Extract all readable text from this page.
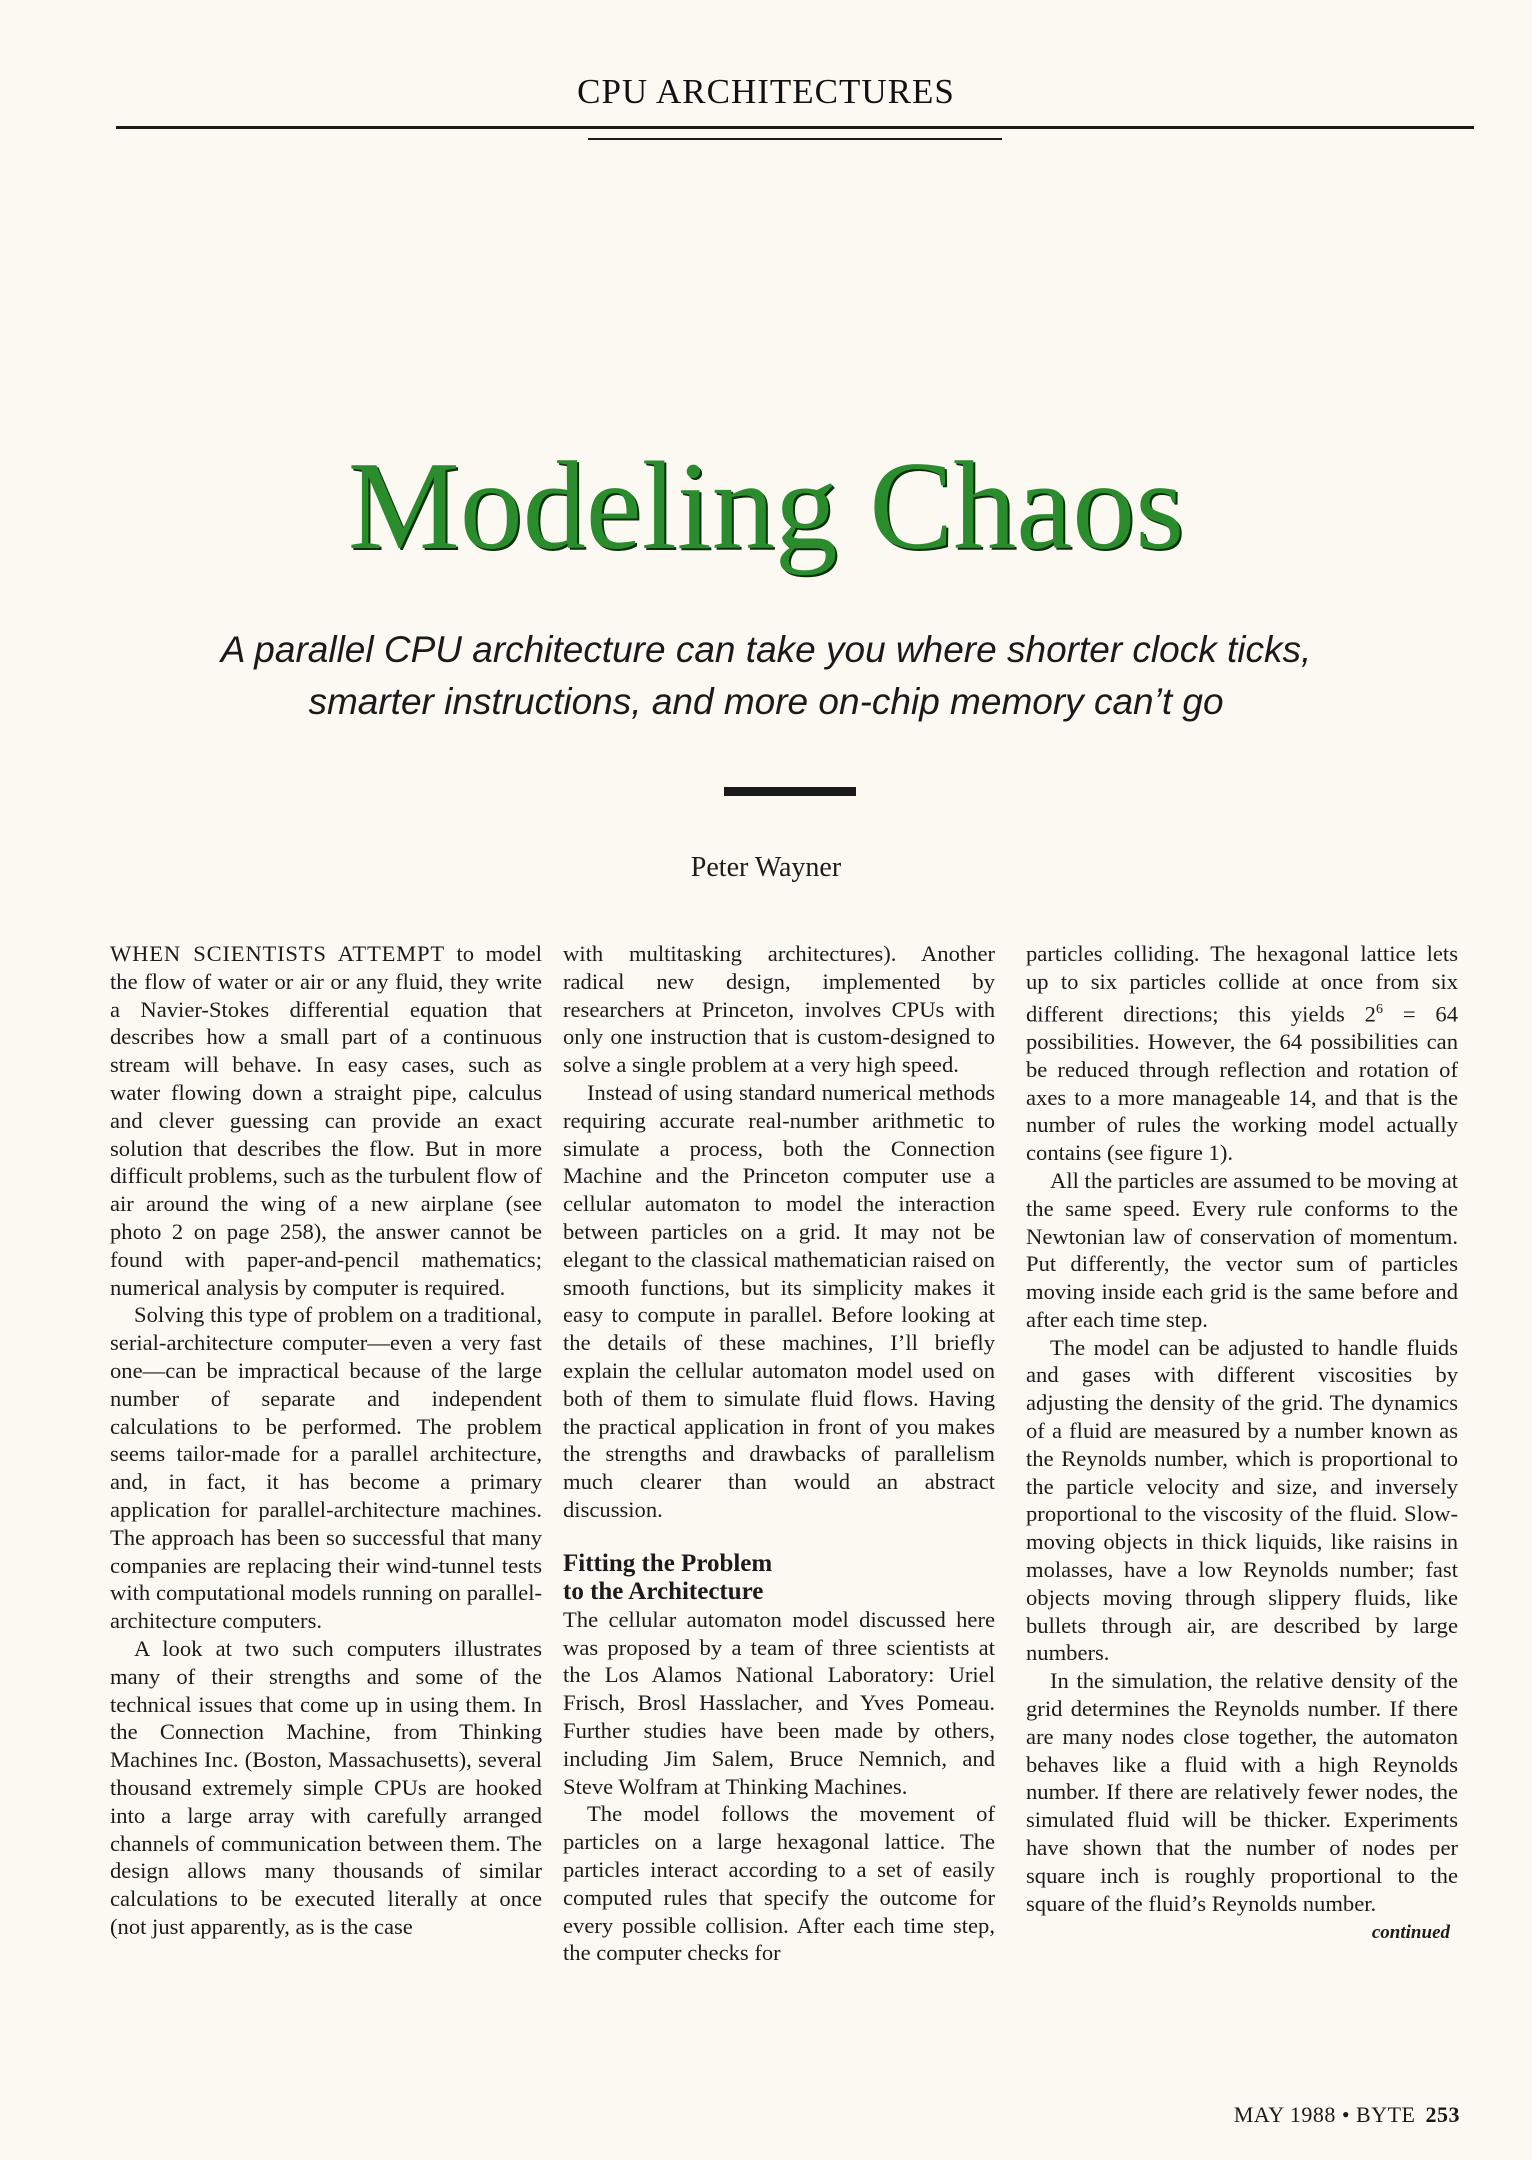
CPU ARCHITECTURES
Modeling Chaos
A parallel CPU architecture can take you where shorter clock ticks, smarter instructions, and more on-chip memory can’t go
Peter Wayner

WHEN SCIENTISTS ATTEMPT to model the flow of water or air or any fluid, they write a Navier-Stokes differential equation that describes how a small part of a continuous stream will behave. In easy cases, such as water flowing down a straight pipe, calculus and clever guessing can provide an exact solution that describes the flow. But in more difficult problems, such as the turbulent flow of air around the wing of a new airplane (see photo 2 on page 258), the answer cannot be found with paper-and-pencil mathematics; numerical analysis by computer is required.

Solving this type of problem on a traditional, serial-architecture computer—even a very fast one—can be impractical because of the large number of separate and independent calculations to be performed. The problem seems tailor-made for a parallel architecture, and, in fact, it has become a primary application for parallel-architecture machines. The approach has been so successful that many companies are replacing their wind-tunnel tests with computational models running on parallel-architecture computers.

A look at two such computers illustrates many of their strengths and some of the technical issues that come up in using them. In the Connection Machine, from Thinking Machines Inc. (Boston, Massachusetts), several thousand extremely simple CPUs are hooked into a large array with carefully arranged channels of communication between them. The design allows many thousands of similar calculations to be executed literally at once (not just apparently, as is the case

with multitasking architectures). Another radical new design, implemented by researchers at Princeton, involves CPUs with only one instruction that is custom-designed to solve a single problem at a very high speed.

Instead of using standard numerical methods requiring accurate real-number arithmetic to simulate a process, both the Connection Machine and the Princeton computer use a cellular automaton to model the interaction between particles on a grid. It may not be elegant to the classical mathematician raised on smooth functions, but its simplicity makes it easy to compute in parallel. Before looking at the details of these machines, I’ll briefly explain the cellular automaton model used on both of them to simulate fluid flows. Having the practical application in front of you makes the strengths and drawbacks of parallelism much clearer than would an abstract discussion.

Fitting the Problem
to the Architecture

The cellular automaton model discussed here was proposed by a team of three scientists at the Los Alamos National Laboratory: Uriel Frisch, Brosl Hasslacher, and Yves Pomeau. Further studies have been made by others, including Jim Salem, Bruce Nemnich, and Steve Wolfram at Thinking Machines.

The model follows the movement of particles on a large hexagonal lattice. The particles interact according to a set of easily computed rules that specify the outcome for every possible collision. After each time step, the computer checks for

particles colliding. The hexagonal lattice lets up to six particles collide at once from six different directions; this yields $2^6 = 64$ possibilities. However, the 64 possibilities can be reduced through reflection and rotation of axes to a more manageable 14, and that is the number of rules the working model actually contains (see figure 1).

All the particles are assumed to be moving at the same speed. Every rule conforms to the Newtonian law of conservation of momentum. Put differently, the vector sum of particles moving inside each grid is the same before and after each time step.

The model can be adjusted to handle fluids and gases with different viscosities by adjusting the density of the grid. The dynamics of a fluid are measured by a number known as the Reynolds number, which is proportional to the particle velocity and size, and inversely proportional to the viscosity of the fluid. Slow-moving objects in thick liquids, like raisins in molasses, have a low Reynolds number; fast objects moving through slippery fluids, like bullets through air, are described by large numbers.

In the simulation, the relative density of the grid determines the Reynolds number. If there are many nodes close together, the automaton behaves like a fluid with a high Reynolds number. If there are relatively fewer nodes, the simulated fluid will be thicker. Experiments have shown that the number of nodes per square inch is roughly proportional to the square of the fluid’s Reynolds number.

continued
MAY 1988 • BYTE 253
